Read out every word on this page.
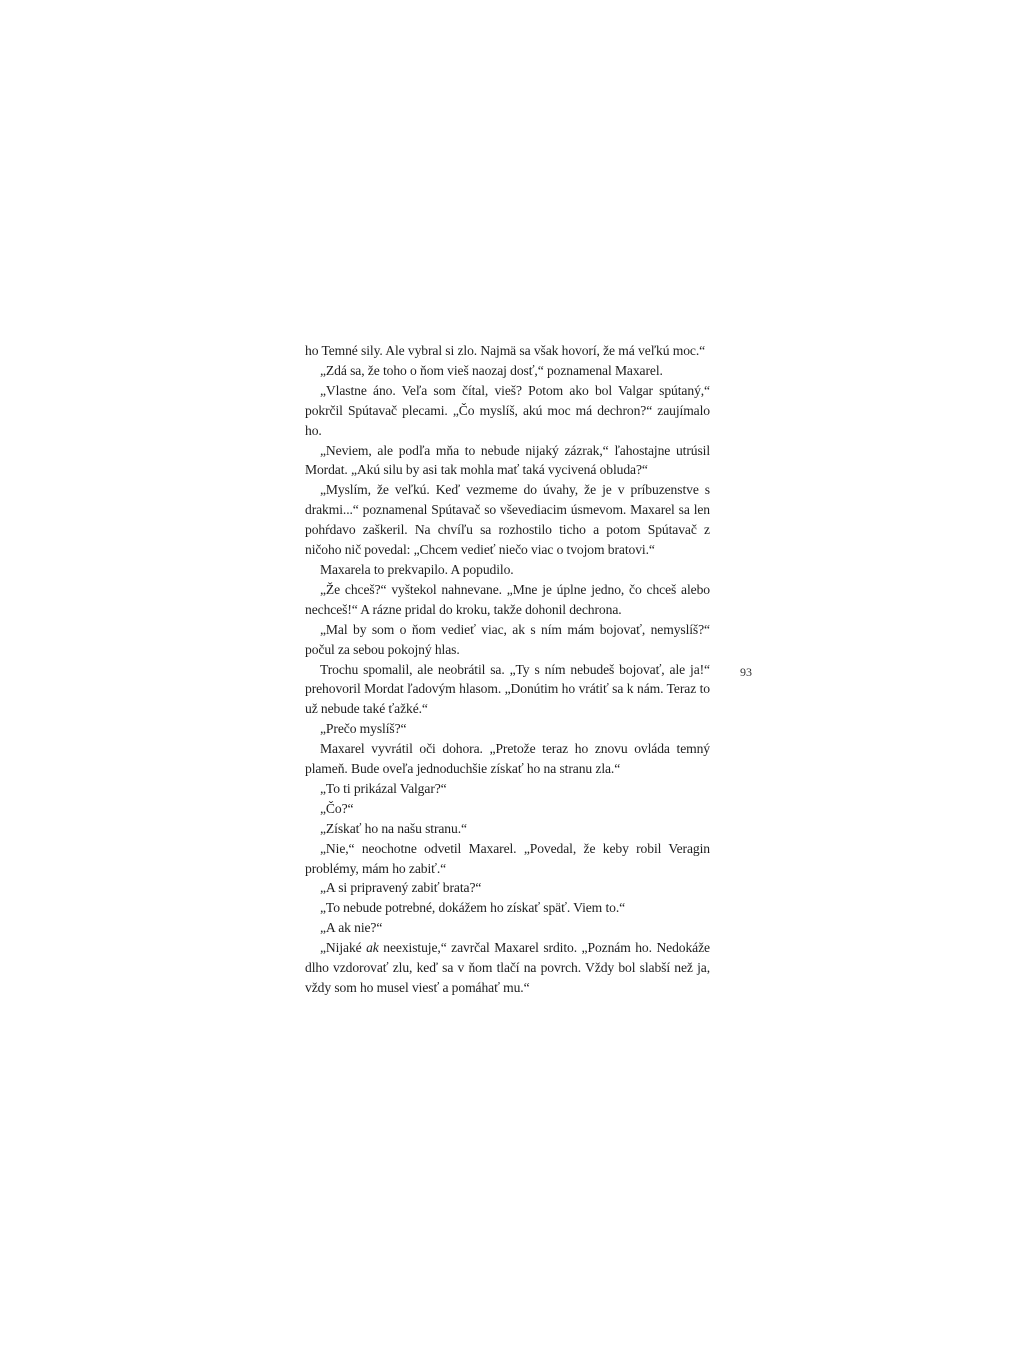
ho Temné sily. Ale vybral si zlo. Najmä sa však hovorí, že má veľkú moc.“

„Zdá sa, že toho o ňom vieš naozaj dosť,“ poznamenal Maxarel.

„Vlastne áno. Veľa som čítal, vieš? Potom ako bol Valgar spútaný,“ pokrčil Spútavač plecami. „Čo myslíš, akú moc má dechron?“ zaujímalo ho.

„Neviem, ale podľa mňa to nebude nijaký zázrak,“ ľahostajne utrúsil Mordat. „Akú silu by asi tak mohla mať taká vycivená obluda?“

„Myslím, že veľkú. Keď vezmeme do úvahy, že je v príbuzenstve s drakmi...“ poznamenal Spútavač so vševediacim úsmevom. Maxarel sa len pohŕdavo zaškeril. Na chvíľu sa rozhostilo ticho a potom Spútavač z ničoho nič povedal: „Chcem vedieť niečo viac o tvojom bratovi.“

Maxarela to prekvapilo. A popudilo.

„Že chceš?“ vyštekol nahnevane. „Mne je úplne jedno, čo chceš alebo nechceš!“ A rázne pridal do kroku, takže dohonil dechrona.

„Mal by som o ňom vedieť viac, ak s ním mám bojovať, nemyslíš?“ počul za sebou pokojný hlas.

Trochu spomalil, ale neobrátil sa. „Ty s ním nebudeš bojovať, ale ja!“ prehovoril Mordat ľadovým hlasom. „Donútim ho vrátiť sa k nám. Teraz to už nebude také ťažké.“

„Prečo myslíš?“

Maxarel vyvrátil oči dohora. „Pretože teraz ho znovu ovláda temný plameň. Bude oveľa jednoduchšie získať ho na stranu zla.“

„To ti prikázal Valgar?“

„Čo?“

„Získať ho na našu stranu.“

„Nie,“ neochotne odvetil Maxarel. „Povedal, že keby robil Veragin problémy, mám ho zabiť.“

„A si pripravený zabiť brata?“

„To nebude potrebné, dokážem ho získať späť. Viem to.“

„A ak nie?“

„Nijaké ak neexistuje,“ zavrčal Maxarel srdito. „Poznám ho. Nedokáže dlho vzdorovať zlu, keď sa v ňom tlačí na povrch. Vždy bol slabší než ja, vždy som ho musel viesť a pomáhať mu.“

93
